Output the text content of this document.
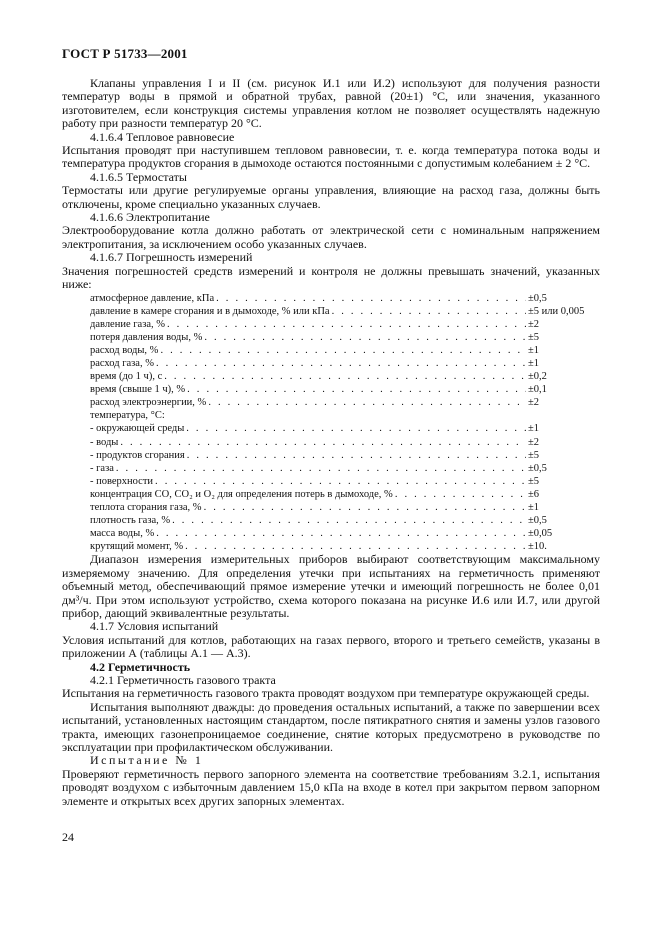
ГОСТ Р 51733—2001

Клапаны управления I и II (см. рисунок И.1 или И.2) используют для получения разности температур воды в прямой и обратной трубах, равной (20±1) °С, или значения, указанного изготовителем, если конструкция системы управления котлом не позволяет осуществлять надежную работу при разности температур 20 °С.

4.1.6.4 Тепловое равновесие

Испытания проводят при наступившем тепловом равновесии, т. е. когда температура потока воды и температура продуктов сгорания в дымоходе остаются постоянными с допустимым колебанием ± 2 °С.

4.1.6.5 Термостаты

Термостаты или другие регулируемые органы управления, влияющие на расход газа, должны быть отключены, кроме специально указанных случаев.

4.1.6.6 Электропитание

Электрооборудование котла должно работать от электрической сети с номинальным напряжением электропитания, за исключением особо указанных случаев.

4.1.6.7 Погрешность измерений

Значения погрешностей средств измерений и контроля не должны превышать значений, указанных ниже:

атмосферное давление, кПа . . .	±0,5
давление в камере сгорания и в дымоходе, % или кПа . . .	±5 или 0,005
давление газа, % . . .	±2
потеря давления воды, % . . .	±5
расход воды, % . . .	±1
расход газа, % . . .	±1
время (до 1 ч), с . . .	±0,2
время (свыше 1 ч), % . . .	±0,1
расход электроэнергии, % . . .	±2
температура, °С:
- окружающей среды . . .	±1
- воды . . .	±2
- продуктов сгорания . . .	±5
- газа . . .	±0,5
- поверхности . . .	±5
концентрация CO, CO₂ и O₂ для определения потерь в дымоходе, % . . .	±6
теплота сгорания газа, % . . .	±1
плотность газа, % . . .	±0,5
масса воды, % . . .	±0,05
крутящий момент, % . . .	±10.

Диапазон измерения измерительных приборов выбирают соответствующим максимальному измеряемому значению. Для определения утечки при испытаниях на герметичность применяют объемный метод, обеспечивающий прямое измерение утечки и имеющий погрешность не более 0,01 дм³/ч. При этом используют устройство, схема которого показана на рисунке И.6 или И.7, или другой прибор, дающий эквивалентные результаты.

4.1.7 Условия испытаний

Условия испытаний для котлов, работающих на газах первого, второго и третьего семейств, указаны в приложении А (таблицы А.1 — А.3).

4.2 Герметичность

4.2.1 Герметичность газового тракта

Испытания на герметичность газового тракта проводят воздухом при температуре окружающей среды.

Испытания выполняют дважды: до проведения остальных испытаний, а также по завершении всех испытаний, установленных настоящим стандартом, после пятикратного снятия и замены узлов газового тракта, имеющих газонепроницаемое соединение, снятие которых предусмотрено в руководстве по эксплуатации при профилактическом обслуживании.

Испытание № 1

Проверяют герметичность первого запорного элемента на соответствие требованиям 3.2.1, испытания проводят воздухом с избыточным давлением 15,0 кПа на входе в котел при закрытом первом запорном элементе и открытых всех других запорных элементах.

24
